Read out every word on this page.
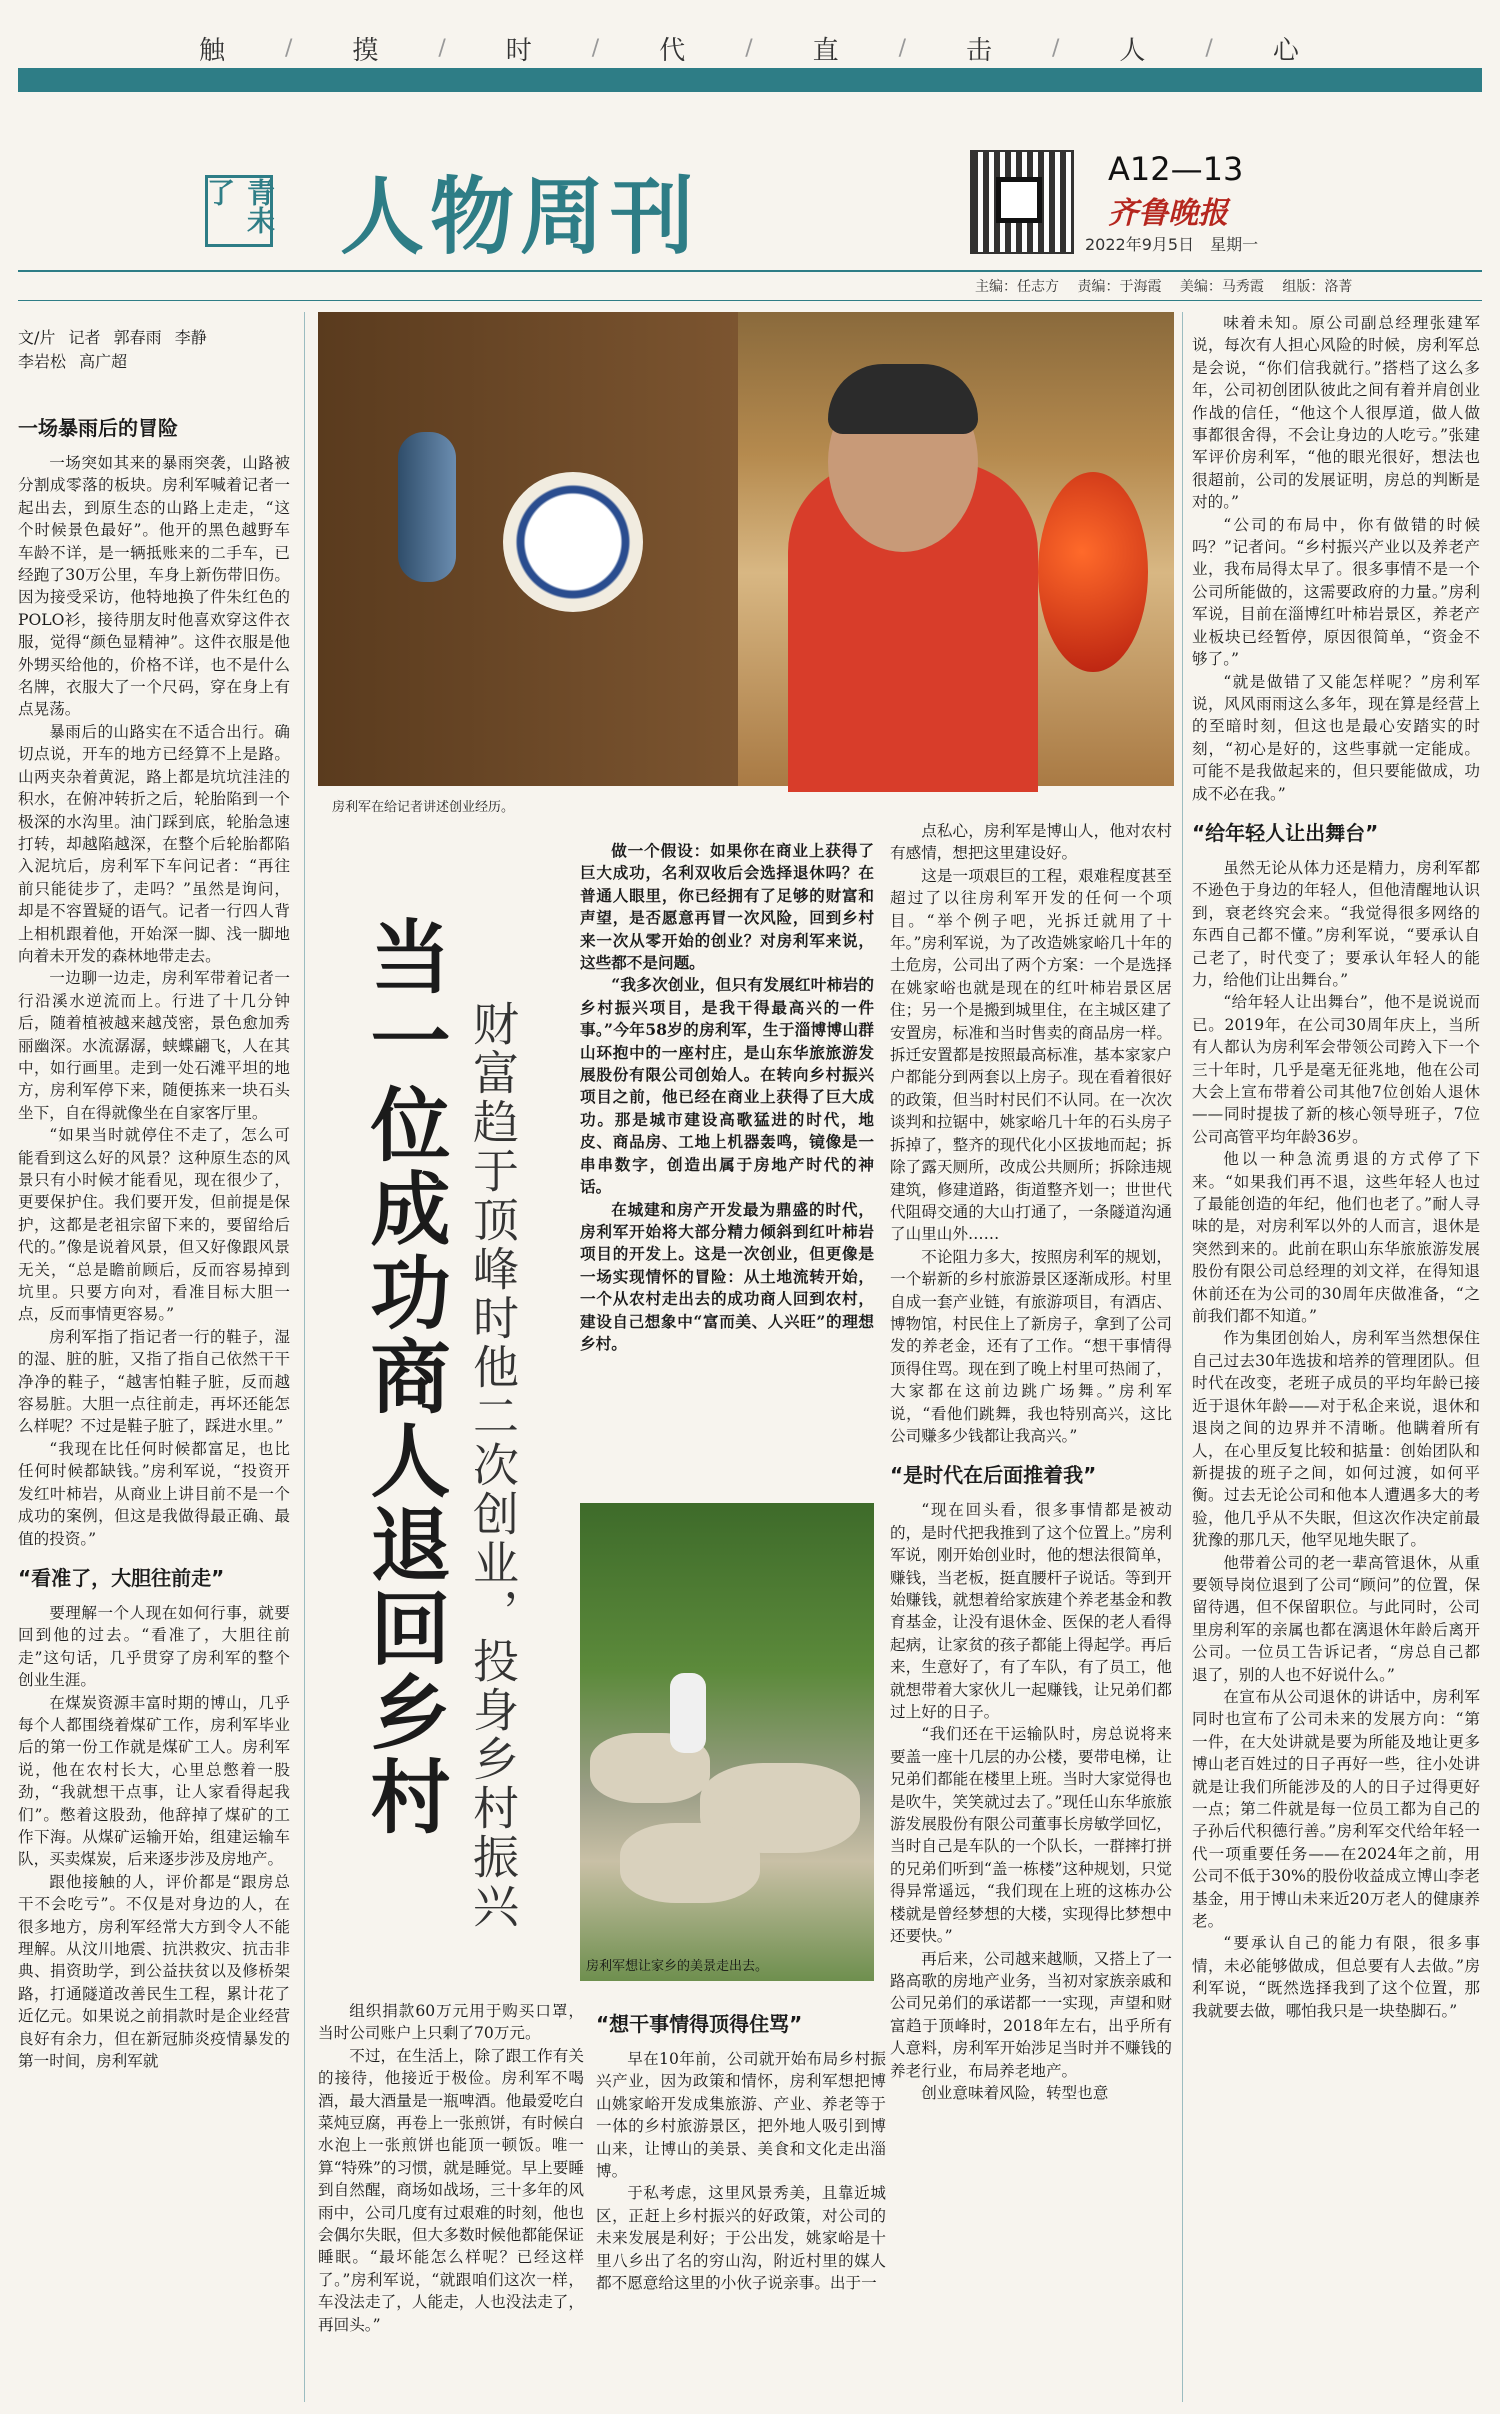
触	/ 摸	/ 时	/ 代	/ 直	/ 击	/ 人	/ 心
青未了	人物周刊	A12—13
齐鲁晚报
2022年9月5日　星期一
主编：任志方 责编：于海霞 美编：马秀霞 组版：洛菁
文/片 记者 郭春雨 李静
李岩松 高广超
一场暴雨后的冒险

一场突如其来的暴雨突袭，山路被分割成零落的板块。房利军喊着记者一起出去，到原生态的山路上走走，“这个时候景色最好”。他开的黑色越野车车龄不详，是一辆抵账来的二手车，已经跑了30万公里，车身上新伤带旧伤。因为接受采访，他特地换了件朱红色的POLO衫，接待朋友时他喜欢穿这件衣服，觉得“颜色显精神”。这件衣服是他外甥买给他的，价格不详，也不是什么名牌，衣服大了一个尺码，穿在身上有点晃荡。

暴雨后的山路实在不适合出行。确切点说，开车的地方已经算不上是路。山两夹杂着黄泥，路上都是坑坑洼洼的积水，在俯冲转折之后，轮胎陷到一个极深的水沟里。油门踩到底，轮胎急速打转，却越陷越深，在整个后轮胎都陷入泥坑后，房利军下车问记者：“再往前只能徒步了，走吗？”虽然是询问，却是不容置疑的语气。记者一行四人背上相机跟着他，开始深一脚、浅一脚地向着未开发的森林地带走去。

一边聊一边走，房利军带着记者一行沿溪水逆流而上。行进了十几分钟后，随着植被越来越茂密，景色愈加秀丽幽深。水流潺潺，蛱蝶翩飞，人在其中，如行画里。走到一处石滩平坦的地方，房利军停下来，随便拣来一块石头坐下，自在得就像坐在自家客厅里。

“如果当时就停住不走了，怎么可能看到这么好的风景？这种原生态的风景只有小时候才能看见，现在很少了，更要保护住。我们要开发，但前提是保护，这都是老祖宗留下来的，要留给后代的。”像是说着风景，但又好像跟风景无关，“总是瞻前顾后，反而容易掉到坑里。只要方向对，看准目标大胆一点，反而事情更容易。”

房利军指了指记者一行的鞋子，湿的湿、脏的脏，又指了指自己依然干干净净的鞋子，“越害怕鞋子脏，反而越容易脏。大胆一点往前走，再坏还能怎么样呢？不过是鞋子脏了，踩进水里。”

“我现在比任何时候都富足，也比任何时候都缺钱。”房利军说，“投资开发红叶柿岩，从商业上讲目前不是一个成功的案例，但这是我做得最正确、最值的投资。”

“看准了，大胆往前走”

要理解一个人现在如何行事，就要回到他的过去。“看准了，大胆往前走”这句话，几乎贯穿了房利军的整个创业生涯。

在煤炭资源丰富时期的博山，几乎每个人都围绕着煤矿工作，房利军毕业后的第一份工作就是煤矿工人。房利军说，他在农村长大，心里总憋着一股劲，“我就想干点事，让人家看得起我们”。憋着这股劲，他辞掉了煤矿的工作下海。从煤矿运输开始，组建运输车队，买卖煤炭，后来逐步涉及房地产。

跟他接触的人，评价都是“跟房总干不会吃亏”。不仅是对身边的人，在很多地方，房利军经常大方到令人不能理解。从汶川地震、抗洪救灾、抗击非典、捐资助学，到公益扶贫以及修桥架路，打通隧道改善民生工程，累计花了近亿元。如果说之前捐款时是企业经营良好有余力，但在新冠肺炎疫情暴发的第一时间，房利军就

房利军在给记者讲述创业经历。
当一位成功商人退回乡村 财富趋于顶峰时他二次创业，投身乡村振兴

做一个假设：如果你在商业上获得了巨大成功，名利双收后会选择退休吗？在普通人眼里，你已经拥有了足够的财富和声望，是否愿意再冒一次风险，回到乡村来一次从零开始的创业？对房利军来说，这些都不是问题。

“我多次创业，但只有发展红叶柿岩的乡村振兴项目，是我干得最高兴的一件事。”今年58岁的房利军，生于淄博博山群山环抱中的一座村庄，是山东华旅旅游发展股份有限公司创始人。在转向乡村振兴项目之前，他已经在商业上获得了巨大成功。那是城市建设高歌猛进的时代，地皮、商品房、工地上机器轰鸣，镜像是一串串数字，创造出属于房地产时代的神话。

在城建和房产开发最为鼎盛的时代，房利军开始将大部分精力倾斜到红叶柿岩项目的开发上。这是一次创业，但更像是一场实现情怀的冒险：从土地流转开始，一个从农村走出去的成功商人回到农村，建设自己想象中“富而美、人兴旺”的理想乡村。

房利军想让家乡的美景走出去。

组织捐款60万元用于购买口罩，当时公司账户上只剩了70万元。

不过，在生活上，除了跟工作有关的接待，他接近于极俭。房利军不喝酒，最大酒量是一瓶啤酒。他最爱吃白菜炖豆腐，再卷上一张煎饼，有时候白水泡上一张煎饼也能顶一顿饭。唯一算“特殊”的习惯，就是睡觉。早上要睡到自然醒，商场如战场，三十多年的风雨中，公司几度有过艰难的时刻，他也会偶尔失眠，但大多数时候他都能保证睡眠。“最坏能怎么样呢？已经这样了。”房利军说，“就跟咱们这次一样，车没法走了，人能走，人也没法走了，再回头。”

点私心，房利军是博山人，他对农村有感情，想把这里建设好。

这是一项艰巨的工程，艰难程度甚至超过了以往房利军开发的任何一个项目。“举个例子吧，光拆迁就用了十年。”房利军说，为了改造姚家峪几十年的土危房，公司出了两个方案：一个是选择在姚家峪也就是现在的红叶柿岩景区居住；另一个是搬到城里住，在主城区建了安置房，标准和当时售卖的商品房一样。拆迁安置都是按照最高标准，基本家家户户都能分到两套以上房子。现在看着很好的政策，但当时村民们不认同。在一次次谈判和拉锯中，姚家峪几十年的石头房子拆掉了，整齐的现代化小区拔地而起；拆除了露天厕所，改成公共厕所；拆除违规建筑，修建道路，街道整齐划一；世世代代阻碍交通的大山打通了，一条隧道沟通了山里山外……

不论阻力多大，按照房利军的规划，一个崭新的乡村旅游景区逐渐成形。村里自成一套产业链，有旅游项目，有酒店、博物馆，村民住上了新房子，拿到了公司发的养老金，还有了工作。“想干事情得顶得住骂。现在到了晚上村里可热闹了，大家都在这前边跳广场舞。”房利军说，“看他们跳舞，我也特别高兴，这比公司赚多少钱都让我高兴。”

“是时代在后面推着我”

“现在回头看，很多事情都是被动的，是时代把我推到了这个位置上。”房利军说，刚开始创业时，他的想法很简单，赚钱，当老板，挺直腰杆子说话。等到开始赚钱，就想着给家族建个养老基金和教育基金，让没有退休金、医保的老人看得起病，让家贫的孩子都能上得起学。再后来，生意好了，有了车队，有了员工，他就想带着大家伙儿一起赚钱，让兄弟们都过上好的日子。

“我们还在干运输队时，房总说将来要盖一座十几层的办公楼，要带电梯，让兄弟们都能在楼里上班。当时大家觉得也是吹牛，笑笑就过去了。”现任山东华旅旅游发展股份有限公司董事长房敏学回忆，当时自己是车队的一个队长，一群摔打拼的兄弟们听到“盖一栋楼”这种规划，只觉得异常遥远，“我们现在上班的这栋办公楼就是曾经梦想的大楼，实现得比梦想中还要快。”

再后来，公司越来越顺，又搭上了一路高歌的房地产业务，当初对家族亲戚和公司兄弟们的承诺都一一实现，声望和财富趋于顶峰时，2018年左右，出乎所有人意料，房利军开始涉足当时并不赚钱的养老行业，布局养老地产。

创业意味着风险，转型也意

“想干事情得顶得住骂”

早在10年前，公司就开始布局乡村振兴产业，因为政策和情怀，房利军想把博山姚家峪开发成集旅游、产业、养老等于一体的乡村旅游景区，把外地人吸引到博山来，让博山的美景、美食和文化走出淄博。

于私考虑，这里风景秀美，且靠近城区，正赶上乡村振兴的好政策，对公司的未来发展是利好；于公出发，姚家峪是十里八乡出了名的穷山沟，附近村里的媒人都不愿意给这里的小伙子说亲事。出于一

味着未知。原公司副总经理张建军说，每次有人担心风险的时候，房利军总是会说，“你们信我就行。”搭档了这么多年，公司初创团队彼此之间有着并肩创业作战的信任，“他这个人很厚道，做人做事都很舍得，不会让身边的人吃亏。”张建军评价房利军，“他的眼光很好，想法也很超前，公司的发展证明，房总的判断是对的。”

“公司的布局中，你有做错的时候吗？”记者问。“乡村振兴产业以及养老产业，我布局得太早了。很多事情不是一个公司所能做的，这需要政府的力量。”房利军说，目前在淄博红叶柿岩景区，养老产业板块已经暂停，原因很简单，“资金不够了。”

“就是做错了又能怎样呢？”房利军说，风风雨雨这么多年，现在算是经营上的至暗时刻，但这也是最心安踏实的时刻，“初心是好的，这些事就一定能成。可能不是我做起来的，但只要能做成，功成不必在我。”

“给年轻人让出舞台”

虽然无论从体力还是精力，房利军都不逊色于身边的年轻人，但他清醒地认识到，衰老终究会来。“我觉得很多网络的东西自己都不懂。”房利军说，“要承认自己老了，时代变了；要承认年轻人的能力，给他们让出舞台。”

“给年轻人让出舞台”，他不是说说而已。2019年，在公司30周年庆上，当所有人都认为房利军会带领公司跨入下一个三十年时，几乎是毫无征兆地，他在公司大会上宣布带着公司其他7位创始人退休——同时提拔了新的核心领导班子，7位公司高管平均年龄36岁。

他以一种急流勇退的方式停了下来。“如果我们再不退，这些年轻人也过了最能创造的年纪，他们也老了。”耐人寻味的是，对房利军以外的人而言，退休是突然到来的。此前在职山东华旅旅游发展股份有限公司总经理的刘文祥，在得知退休前还在为公司的30周年庆做准备，“之前我们都不知道。”

作为集团创始人，房利军当然想保住自己过去30年选拔和培养的管理团队。但时代在改变，老班子成员的平均年龄已接近于退休年龄——对于私企来说，退休和退岗之间的边界并不清晰。他瞒着所有人，在心里反复比较和掂量：创始团队和新提拔的班子之间，如何过渡，如何平衡。过去无论公司和他本人遭遇多大的考验，他几乎从不失眠，但这次作决定前最犹豫的那几天，他罕见地失眠了。

他带着公司的老一辈高管退休，从重要领导岗位退到了公司“顾问”的位置，保留待遇，但不保留职位。与此同时，公司里房利军的亲属也都在漓退休年龄后离开公司。一位员工告诉记者，“房总自己都退了，别的人也不好说什么。”

在宣布从公司退休的讲话中，房利军同时也宣布了公司未来的发展方向：“第一件，在大处讲就是要为所能及地让更多博山老百姓过的日子再好一些，往小处讲就是让我们所能涉及的人的日子过得更好一点；第二件就是每一位员工都为自己的子孙后代积德行善。”房利军交代给年轻一代一项重要任务——在2024年之前，用公司不低于30%的股份收益成立博山李老基金，用于博山未来近20万老人的健康养老。

“要承认自己的能力有限，很多事情，未必能够做成，但总要有人去做。”房利军说，“既然选择我到了这个位置，那我就要去做，哪怕我只是一块垫脚石。”
